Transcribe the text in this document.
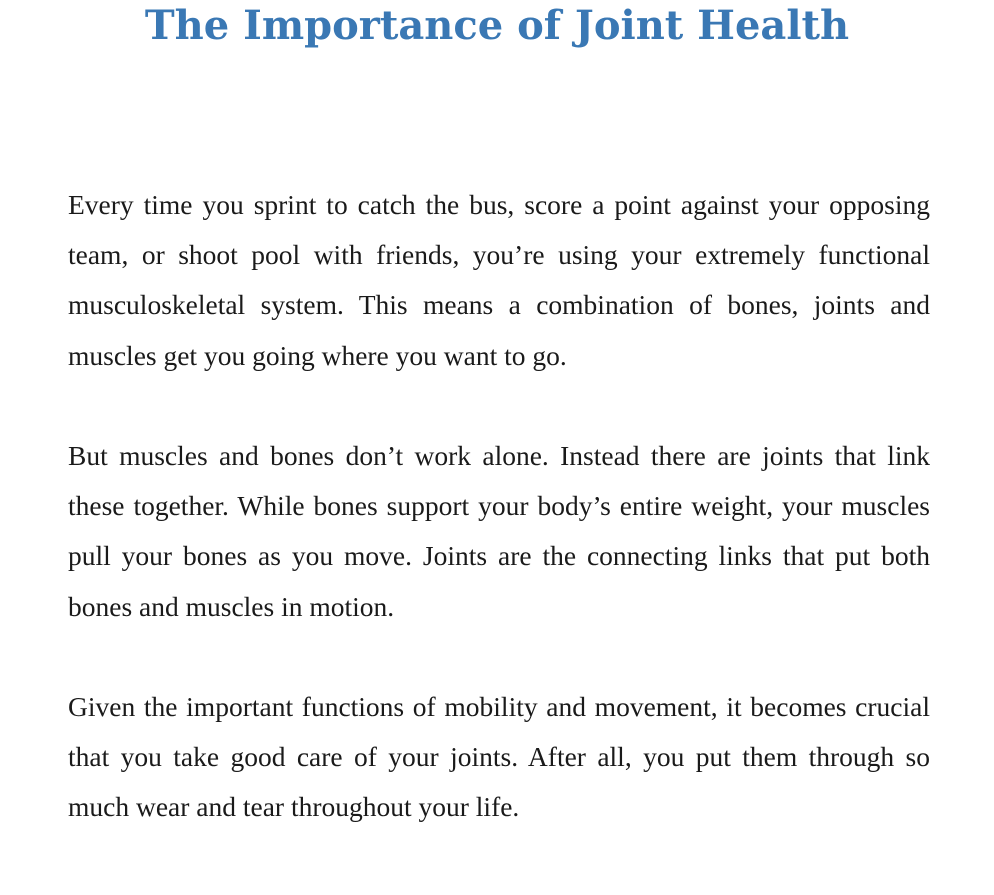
The Importance of Joint Health

Every time you sprint to catch the bus, score a point against your opposing team, or shoot pool with friends, you’re using your extremely functional musculoskeletal system. This means a combination of bones, joints and muscles get you going where you want to go.

But muscles and bones don’t work alone. Instead there are joints that link these together. While bones support your body’s entire weight, your muscles pull your bones as you move. Joints are the connecting links that put both bones and muscles in motion.

Given the important functions of mobility and movement, it becomes crucial that you take good care of your joints. After all, you put them through so much wear and tear throughout your life.
